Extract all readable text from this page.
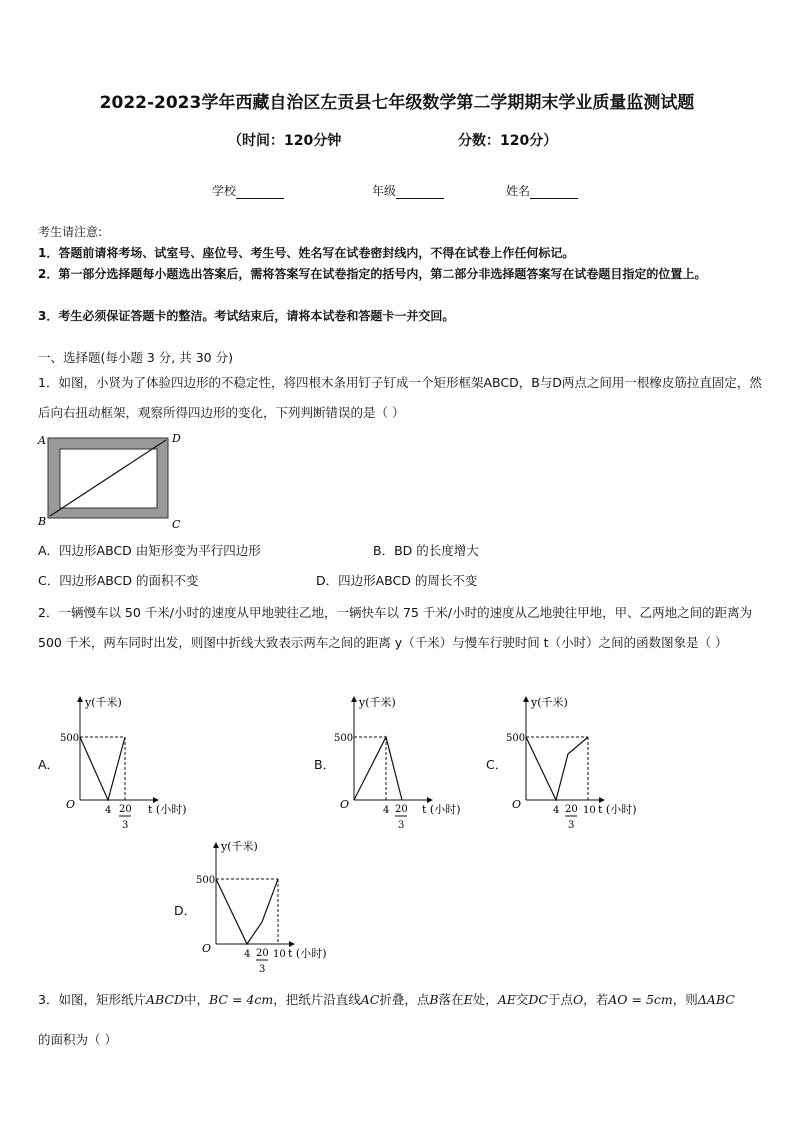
2022-2023学年西藏自治区左贡县七年级数学第二学期期末学业质量监测试题
（时间：120分钟	分数：120分）
学校	年级	姓名
考生请注意:
1．答题前请将考场、试室号、座位号、考生号、姓名写在试卷密封线内，不得在试卷上作任何标记。
2．第一部分选择题每小题选出答案后，需将答案写在试卷指定的括号内，第二部分非选择题答案写在试卷题目指定的位置上。
3．考生必须保证答题卡的整洁。考试结束后，请将本试卷和答题卡一并交回。
一、选择题(每小题 3 分, 共 30 分)
1．如图，小贤为了体验四边形的不稳定性，将四根木条用钉子钉成一个矩形框架ABCD，B与D两点之间用一根橡皮筋拉直固定，然后向右扭动框架，观察所得四边形的变化，下列判断错误的是（ ）
A	D
B	C
A．四边形ABCD 由矩形变为平行四边形	B．BD 的长度增大
C．四边形ABCD 的面积不变	D．四边形ABCD 的周长不变
2．一辆慢车以 50 千米/小时的速度从甲地驶往乙地，一辆快车以 75 千米/小时的速度从乙地驶往甲地，甲、乙两地之间的距离为 500 千米，两车同时出发，则图中折线大致表示两车之间的距离 y（千米）与慢车行驶时间 t（小时）之间的函数图象是（ ）
A．	B．	C．
D．
y(千米)
500
O	4 20
3
t (小时)
y(千米)
500
O	4 20
3
t (小时)
y(千米)
500
O	4 20
3
10 t (小时)
y(千米)
500
O	4 20
3
10 t (小时)
3．如图，矩形纸片ABCD中，BC = 4cm，把纸片沿直线AC折叠，点B落在E处，AE交DC于点O，若AO = 5cm，则ΔABC
的面积为（ ）
